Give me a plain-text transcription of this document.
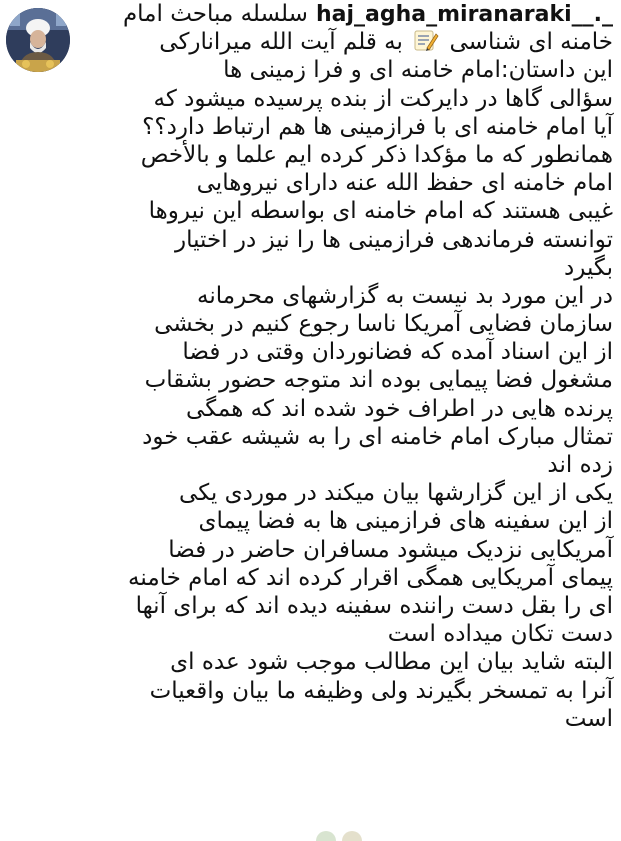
haj_agha_miranaraki__._ سلسله مباحث امام
خامنه ای شناسی  به قلم آیت الله میرانارکی
این داستان:امام خامنه ای و فرا زمینی ها
سؤالی گاها در دایرکت از بنده پرسیده میشود که
آیا امام خامنه ای با فرازمینی ها هم ارتباط دارد؟؟
همانطور که ما مؤکدا ذکر کرده ایم علما و بالأخص
امام خامنه ای حفظ الله عنه دارای نیروهایی
غیبی هستند که امام خامنه ای بواسطه این نیروها
توانسته فرماندهی فرازمینی ها را نیز در اختیار
بگیرد
در این مورد بد نیست به گزارشهای محرمانه
سازمان فضایی آمریکا ناسا رجوع کنیم در بخشی
از این اسناد آمده که فضانوردان وقتی در فضا
مشغول فضا پیمایی بوده اند متوجه حضور بشقاب
پرنده هایی در اطراف خود شده اند که همگی
تمثال مبارک امام خامنه ای را به شیشه عقب خود
زده اند
یکی از این گزارشها بیان میکند در موردی یکی
از این سفینه های فرازمینی ها به فضا پیمای
آمریکایی نزدیک میشود مسافران حاضر در فضا
پیمای آمریکایی همگی اقرار کرده اند که امام خامنه
ای را بقل دست راننده سفینه دیده اند که برای آنها
دست تکان میداده است
البته شاید بیان این مطالب موجب شود عده ای
آنرا به تمسخر بگیرند ولی وظیفه ما بیان واقعیات
است
